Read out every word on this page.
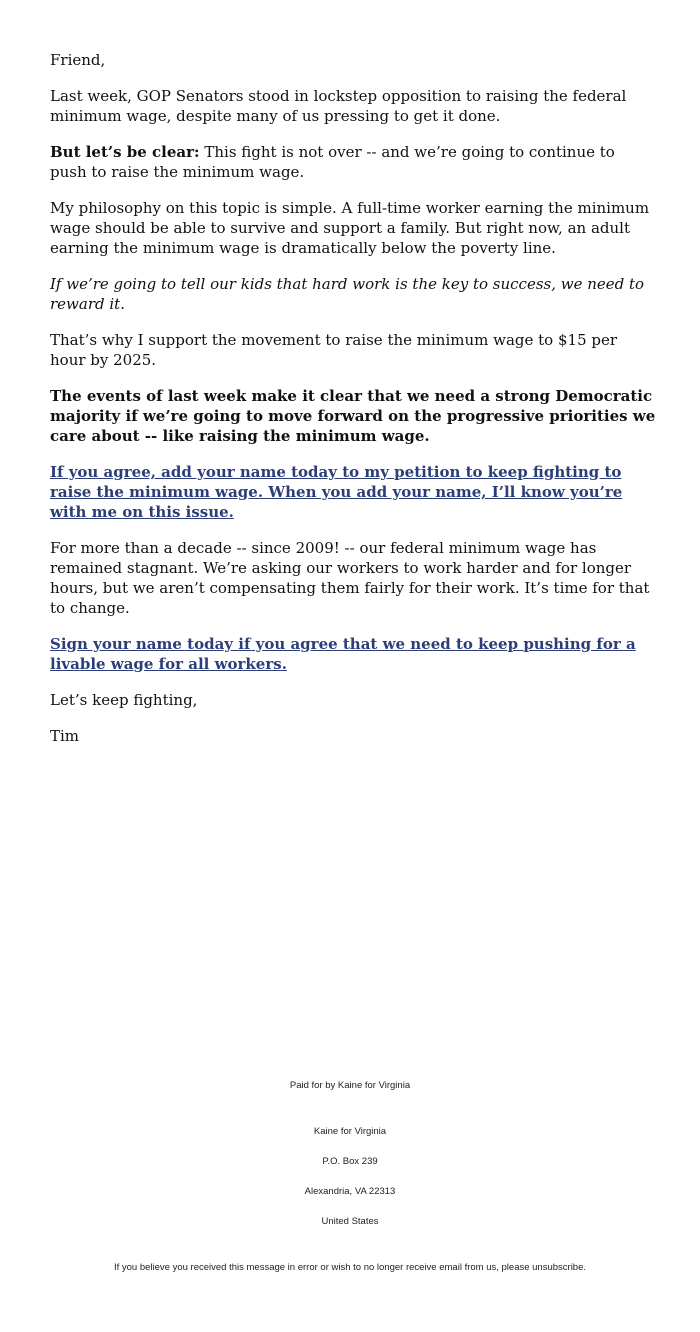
Friend,

Last week, GOP Senators stood in lockstep opposition to raising the federal minimum wage, despite many of us pressing to get it done.

But let’s be clear: This fight is not over -- and we’re going to continue to push to raise the minimum wage.

My philosophy on this topic is simple. A full-time worker earning the minimum wage should be able to survive and support a family. But right now, an adult earning the minimum wage is dramatically below the poverty line.

If we’re going to tell our kids that hard work is the key to success, we need to reward it.

That’s why I support the movement to raise the minimum wage to $15 per hour by 2025.

The events of last week make it clear that we need a strong Democratic majority if we’re going to move forward on the progressive priorities we care about -- like raising the minimum wage.

If you agree, add your name today to my petition to keep fighting to raise the minimum wage. When you add your name, I’ll know you’re with me on this issue.

For more than a decade -- since 2009! -- our federal minimum wage has remained stagnant. We’re asking our workers to work harder and for longer hours, but we aren’t compensating them fairly for their work. It’s time for that to change.

Sign your name today if you agree that we need to keep pushing for a livable wage for all workers.

Let’s keep fighting,

Tim

Paid for by Kaine for Virginia

Kaine for Virginia

P.O. Box 239

Alexandria, VA 22313

United States

If you believe you received this message in error or wish to no longer receive email from us, please unsubscribe.
